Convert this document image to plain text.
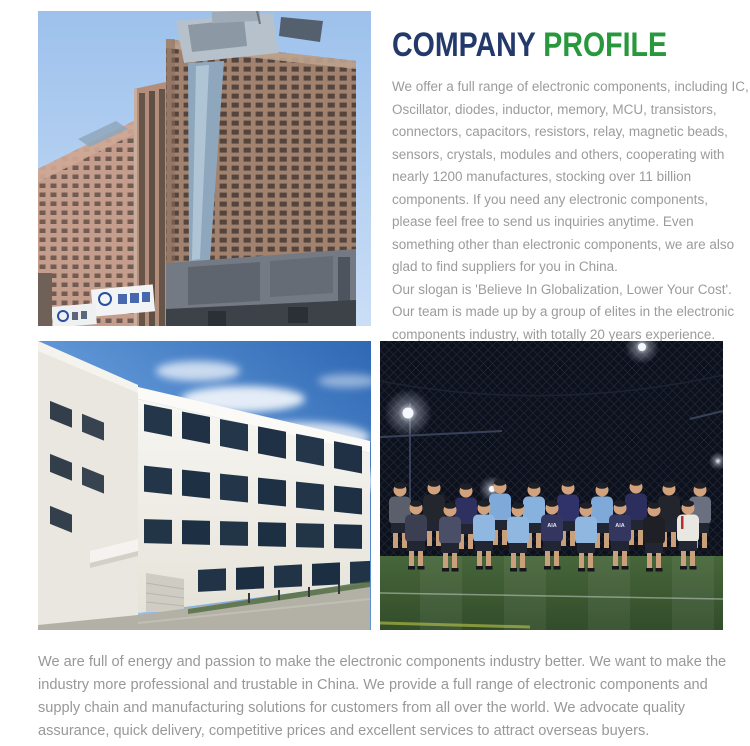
COMPANY PROFILE

We offer a full range of electronic components, including IC, Oscillator, diodes, inductor, memory, MCU, transistors, connectors, capacitors, resistors, relay, magnetic beads, sensors, crystals, modules and others, cooperating with nearly 1200 manufactures, stocking over 11 billion components. If you need any electronic components, please feel free to send us inquiries anytime. Even something other than electronic components, we are also glad to find suppliers for you in China.

Our slogan is 'Believe In Globalization, Lower Your Cost'. Our team is made up by a group of elites in the electronic components industry, with totally 20 years experience.

AIA	AIA

We are full of energy and passion to make the electronic components industry better. We want to make the industry more professional and trustable in China. We provide a full range of electronic components and supply chain and manufacturing solutions for customers from all over the world. We advocate quality assurance, quick delivery, competitive prices and excellent services to attract overseas buyers.
